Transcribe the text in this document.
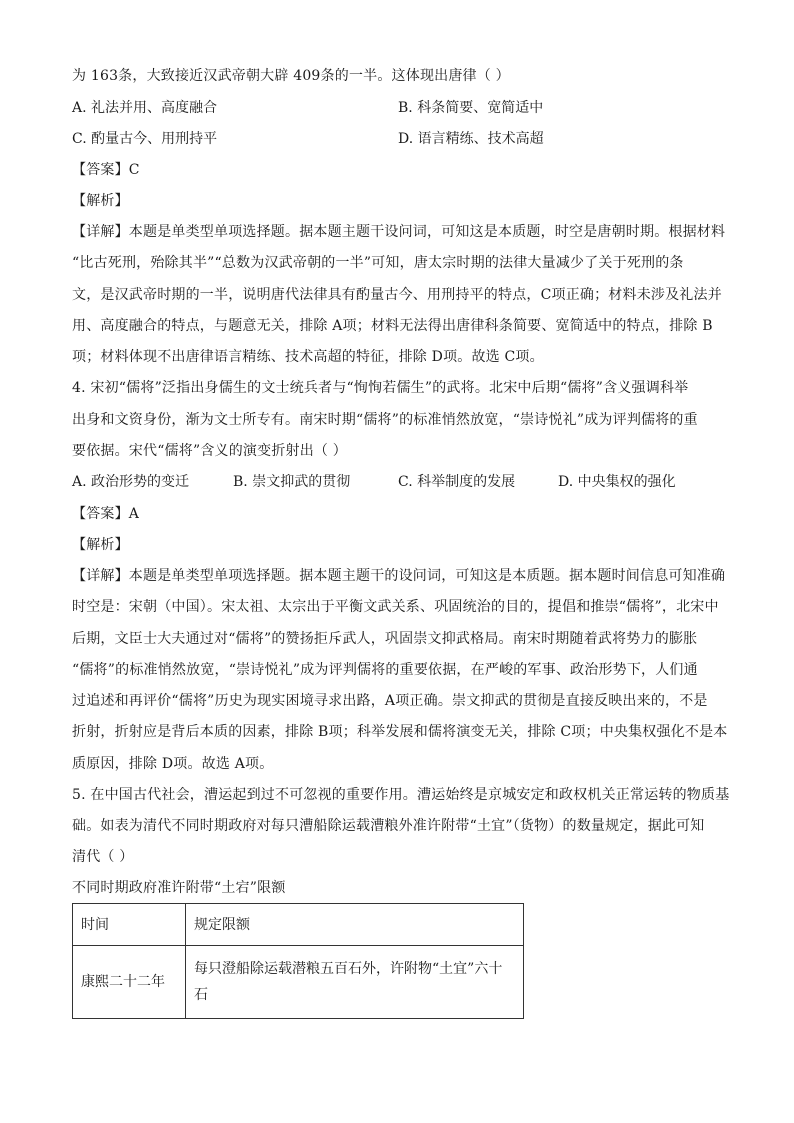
为 163条，大致接近汉武帝朝大辟 409条的一半。这体现出唐律（ ）
A. 礼法并用、高度融合	B. 科条简要、宽简适中
C. 酌量古今、用刑持平	D. 语言精练、技术高超
【答案】C
【解析】
【详解】本题是单类型单项选择题。据本题主题干设问词，可知这是本质题，时空是唐朝时期。根据材料
“比古死刑，殆除其半”“总数为汉武帝朝的一半”可知，唐太宗时期的法律大量减少了关于死刑的条
文，是汉武帝时期的一半，说明唐代法律具有酌量古今、用刑持平的特点，C项正确；材料未涉及礼法并
用、高度融合的特点，与题意无关，排除 A项；材料无法得出唐律科条简要、宽简适中的特点，排除 B
项；材料体现不出唐律语言精练、技术高超的特征，排除 D项。故选 C项。
4. 宋初“儒将”泛指出身儒生的文士统兵者与“恂恂若儒生”的武将。北宋中后期“儒将”含义强调科举
出身和文资身份，渐为文士所专有。南宋时期“儒将”的标准悄然放宽，“崇诗悦礼”成为评判儒将的重
要依据。宋代“儒将”含义的演变折射出（ ）
A. 政治形势的变迁	B. 崇文抑武的贯彻	C. 科举制度的发展	D. 中央集权的强化
【答案】A
【解析】
【详解】本题是单类型单项选择题。据本题主题干的设问词，可知这是本质题。据本题时间信息可知准确
时空是：宋朝（中国）。宋太祖、太宗出于平衡文武关系、巩固统治的目的，提倡和推崇“儒将”，北宋中
后期，文臣士大夫通过对“儒将”的赞扬拒斥武人，巩固崇文抑武格局。南宋时期随着武将势力的膨胀
“儒将”的标准悄然放宽，“崇诗悦礼”成为评判儒将的重要依据，在严峻的军事、政治形势下，人们通
过追述和再评价“儒将”历史为现实困境寻求出路，A项正确。崇文抑武的贯彻是直接反映出来的，不是
折射，折射应是背后本质的因素，排除 B项；科举发展和儒将演变无关，排除 C项；中央集权强化不是本
质原因，排除 D项。故选 A项。
5. 在中国古代社会，漕运起到过不可忽视的重要作用。漕运始终是京城安定和政权机关正常运转的物质基
础。如表为清代不同时期政府对每只漕船除运载漕粮外准许附带“土宜”（货物）的数量规定，据此可知
清代（ ）
不同时期政府准许附带“土宕”限额
时间	规定限额
康熙二十二年	每只澄船除运载潜粮五百石外，许附物“土宜”六十石
